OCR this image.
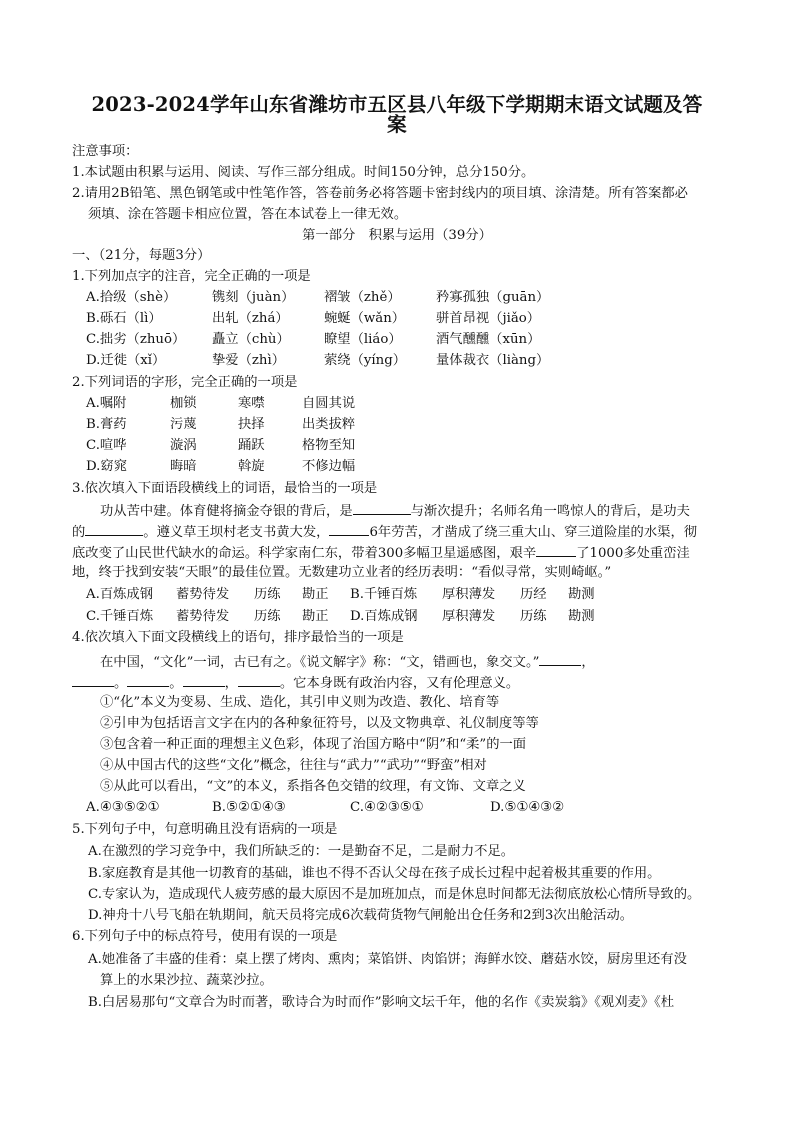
2023-2024学年山东省潍坊市五区县八年级下学期期末语文试题及答
案
注意事项：
1.本试题由积累与运用、阅读、写作三部分组成。时间150分钟，总分150分。
2.请用2B铅笔、黑色钢笔或中性笔作答，答卷前务必将答题卡密封线内的项目填、涂清楚。所有答案都必
须填、涂在答题卡相应位置，答在本试卷上一律无效。
第一部分　积累与运用（39分）
一、（21分，每题3分）
1.下列加点字的注音，完全正确的一项是
A.拾级（shè）	镌刻（juàn） 褶皱（zhě）	矜寡孤独（guān）
B.砾石（lì）	出轧（zhá）	蜿蜒（wǎn） 骈首昂视（jiǎo）
C.拙劣（zhuō） 矗立（chù）	瞭望（liáo）	酒气醺醺（xūn）
D.迁徙（xǐ）	挚爱（zhì）	萦绕（yíng） 量体裁衣（liàng）
2.下列词语的字形，完全正确的一项是
A.嘱附	枷锁	寒噤	自圆其说
B.膏药	污蔑	抉择	出类拔粹
C.喧哗	漩涡	踊跃	格物至知
D.窈窕	晦暗	斡旋	不修边幅
3.依次填入下面语段横线上的词语，最恰当的一项是
功从苦中建。体育健将摘金夺银的背后，是	与渐次提升；名师名角一鸣惊人的背后，是功夫
的	。遵义草王坝村老支书黄大发，	6年劳苦，才凿成了绕三重大山、穿三道险崖的水渠，彻
底改变了山民世代缺水的命运。科学家南仁东，带着300多幅卫星遥感图，艰辛	了1000多处重峦洼
地，终于找到安装“天眼”的最佳位置。无数建功立业者的经历表明：“看似寻常，实则崎岖。”
A.百炼成钢 蓄势待发 历练 勘正 B.千锤百炼 厚积薄发 历经 勘测
C.千锤百炼 蓄势待发 历练 勘正 D.百炼成钢 厚积薄发 历练 勘测
4.依次填入下面文段横线上的语句，排序最恰当的一项是
在中国，“文化”一词，古已有之。《说文解字》称：“文，错画也，象交文。”	，
。	。	，	。它本身既有政治内容，又有伦理意义。
①“化”本义为变易、生成、造化，其引申义则为改造、教化、培育等
②引申为包括语言文字在内的各种象征符号，以及文物典章、礼仪制度等等
③包含着一种正面的理想主义色彩，体现了治国方略中“阴”和“柔”的一面
④从中国古代的这些“文化”概念，往往与“武力”“武功”“野蛮”相对
⑤从此可以看出，“文”的本义，系指各色交错的纹理，有文饰、文章之义
A.④③⑤②①	B.⑤②①④③	C.④②③⑤①	D.⑤①④③②
5.下列句子中，句意明确且没有语病的一项是
A.在激烈的学习竞争中，我们所缺乏的：一是勤奋不足，二是耐力不足。
B.家庭教育是其他一切教育的基础，谁也不得不否认父母在孩子成长过程中起着极其重要的作用。
C.专家认为，造成现代人疲劳感的最大原因不是加班加点，而是休息时间都无法彻底放松心情所导致的。
D.神舟十八号飞船在轨期间，航天员将完成6次载荷货物气闸舱出仓任务和2到3次出舱活动。
6.下列句子中的标点符号，使用有误的一项是
A.她准备了丰盛的佳肴：桌上摆了烤肉、熏肉；菜馅饼、肉馅饼；海鲜水饺、蘑菇水饺，厨房里还有没
算上的水果沙拉、蔬菜沙拉。
B.白居易那句“文章合为时而著，歌诗合为时而作”影响文坛千年，他的名作《卖炭翁》《观刈麦》《杜
